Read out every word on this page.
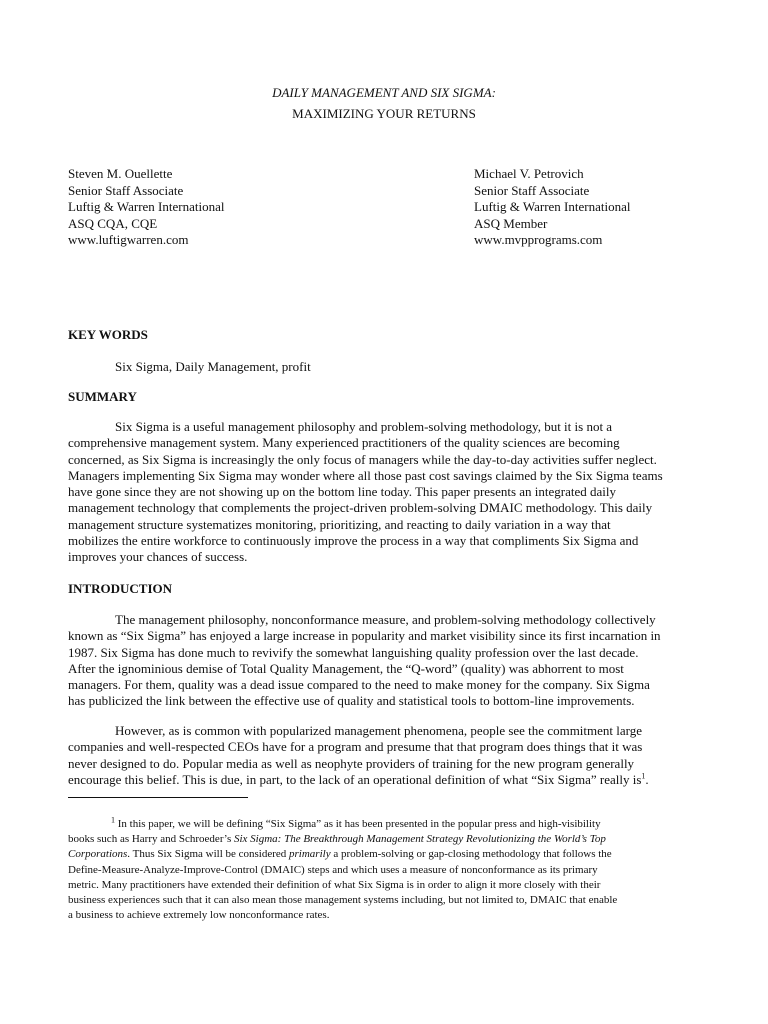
DAILY MANAGEMENT AND SIX SIGMA:
MAXIMIZING YOUR RETURNS
Steven M. Ouellette
Senior Staff Associate
Luftig & Warren International
ASQ CQA, CQE
www.luftigwarren.com
Michael V. Petrovich
Senior Staff Associate
Luftig & Warren International
ASQ Member
www.mvpprograms.com
KEY WORDS
Six Sigma, Daily Management, profit
SUMMARY
Six Sigma is a useful management philosophy and problem-solving methodology, but it is not a
comprehensive management system. Many experienced practitioners of the quality sciences are becoming
concerned, as Six Sigma is increasingly the only focus of managers while the day-to-day activities suffer neglect.
Managers implementing Six Sigma may wonder where all those past cost savings claimed by the Six Sigma teams
have gone since they are not showing up on the bottom line today. This paper presents an integrated daily
management technology that complements the project-driven problem-solving DMAIC methodology. This daily
management structure systematizes monitoring, prioritizing, and reacting to daily variation in a way that
mobilizes the entire workforce to continuously improve the process in a way that compliments Six Sigma and
improves your chances of success.
INTRODUCTION
The management philosophy, nonconformance measure, and problem-solving methodology collectively
known as “Six Sigma” has enjoyed a large increase in popularity and market visibility since its first incarnation in
1987. Six Sigma has done much to revivify the somewhat languishing quality profession over the last decade.
After the ignominious demise of Total Quality Management, the “Q-word” (quality) was abhorrent to most
managers. For them, quality was a dead issue compared to the need to make money for the company. Six Sigma
has publicized the link between the effective use of quality and statistical tools to bottom-line improvements.
However, as is common with popularized management phenomena, people see the commitment large
companies and well-respected CEOs have for a program and presume that that program does things that it was
never designed to do. Popular media as well as neophyte providers of training for the new program generally
encourage this belief. This is due, in part, to the lack of an operational definition of what “Six Sigma” really $is^1$.
$^1$ In this paper, we will be defining “Six Sigma” as it has been presented in the popular press and high-visibility
books such as Harry and Schroeder’s Six Sigma: The Breakthrough Management Strategy Revolutionizing the World’s Top
Corporations. Thus Six Sigma will be considered primarily a problem-solving or gap-closing methodology that follows the
Define-Measure-Analyze-Improve-Control (DMAIC) steps and which uses a measure of nonconformance as its primary
metric. Many practitioners have extended their definition of what Six Sigma is in order to align it more closely with their
business experiences such that it can also mean those management systems including, but not limited to, DMAIC that enable
a business to achieve extremely low nonconformance rates.
